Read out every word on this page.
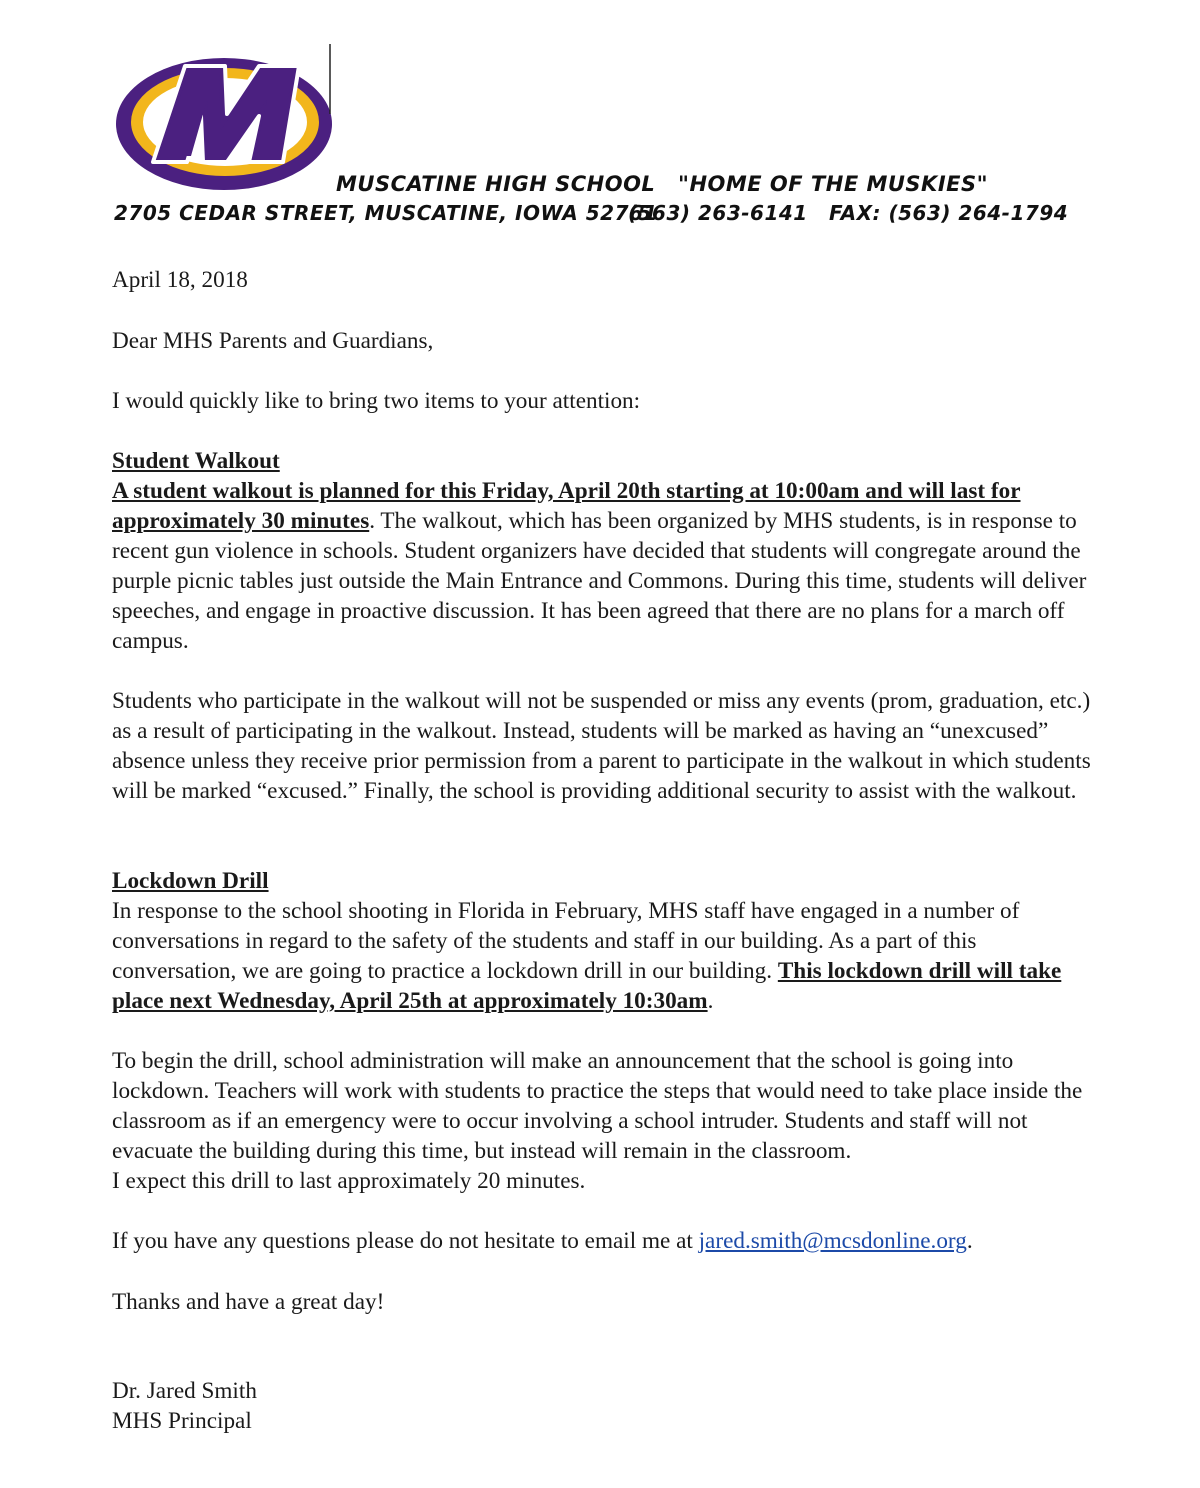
MUSCATINE HIGH SCHOOL "HOME OF THE MUSKIES"
2705 CEDAR STREET, MUSCATINE, IOWA 52761
(563) 263-6141 FAX: (563) 264-1794

April 18, 2018

Dear MHS Parents and Guardians,

I would quickly like to bring two items to your attention:

Student Walkout
A student walkout is planned for this Friday, April 20th starting at 10:00am and will last for approximately 30 minutes. The walkout, which has been organized by MHS students, is in response to recent gun violence in schools. Student organizers have decided that students will congregate around the purple picnic tables just outside the Main Entrance and Commons. During this time, students will deliver speeches, and engage in proactive discussion. It has been agreed that there are no plans for a march off campus.

Students who participate in the walkout will not be suspended or miss any events (prom, graduation, etc.) as a result of participating in the walkout. Instead, students will be marked as having an “unexcused” absence unless they receive prior permission from a parent to participate in the walkout in which students will be marked “excused.” Finally, the school is providing additional security to assist with the walkout.

Lockdown Drill
In response to the school shooting in Florida in February, MHS staff have engaged in a number of conversations in regard to the safety of the students and staff in our building. As a part of this conversation, we are going to practice a lockdown drill in our building. This lockdown drill will take place next Wednesday, April 25th at approximately 10:30am.
To begin the drill, school administration will make an announcement that the school is going into lockdown. Teachers will work with students to practice the steps that would need to take place inside the classroom as if an emergency were to occur involving a school intruder. Students and staff will not evacuate the building during this time, but instead will remain in the classroom.
I expect this drill to last approximately 20 minutes.

If you have any questions please do not hesitate to email me at jared.smith@mcsdonline.org.

Thanks and have a great day!

Dr. Jared Smith

MHS Principal
